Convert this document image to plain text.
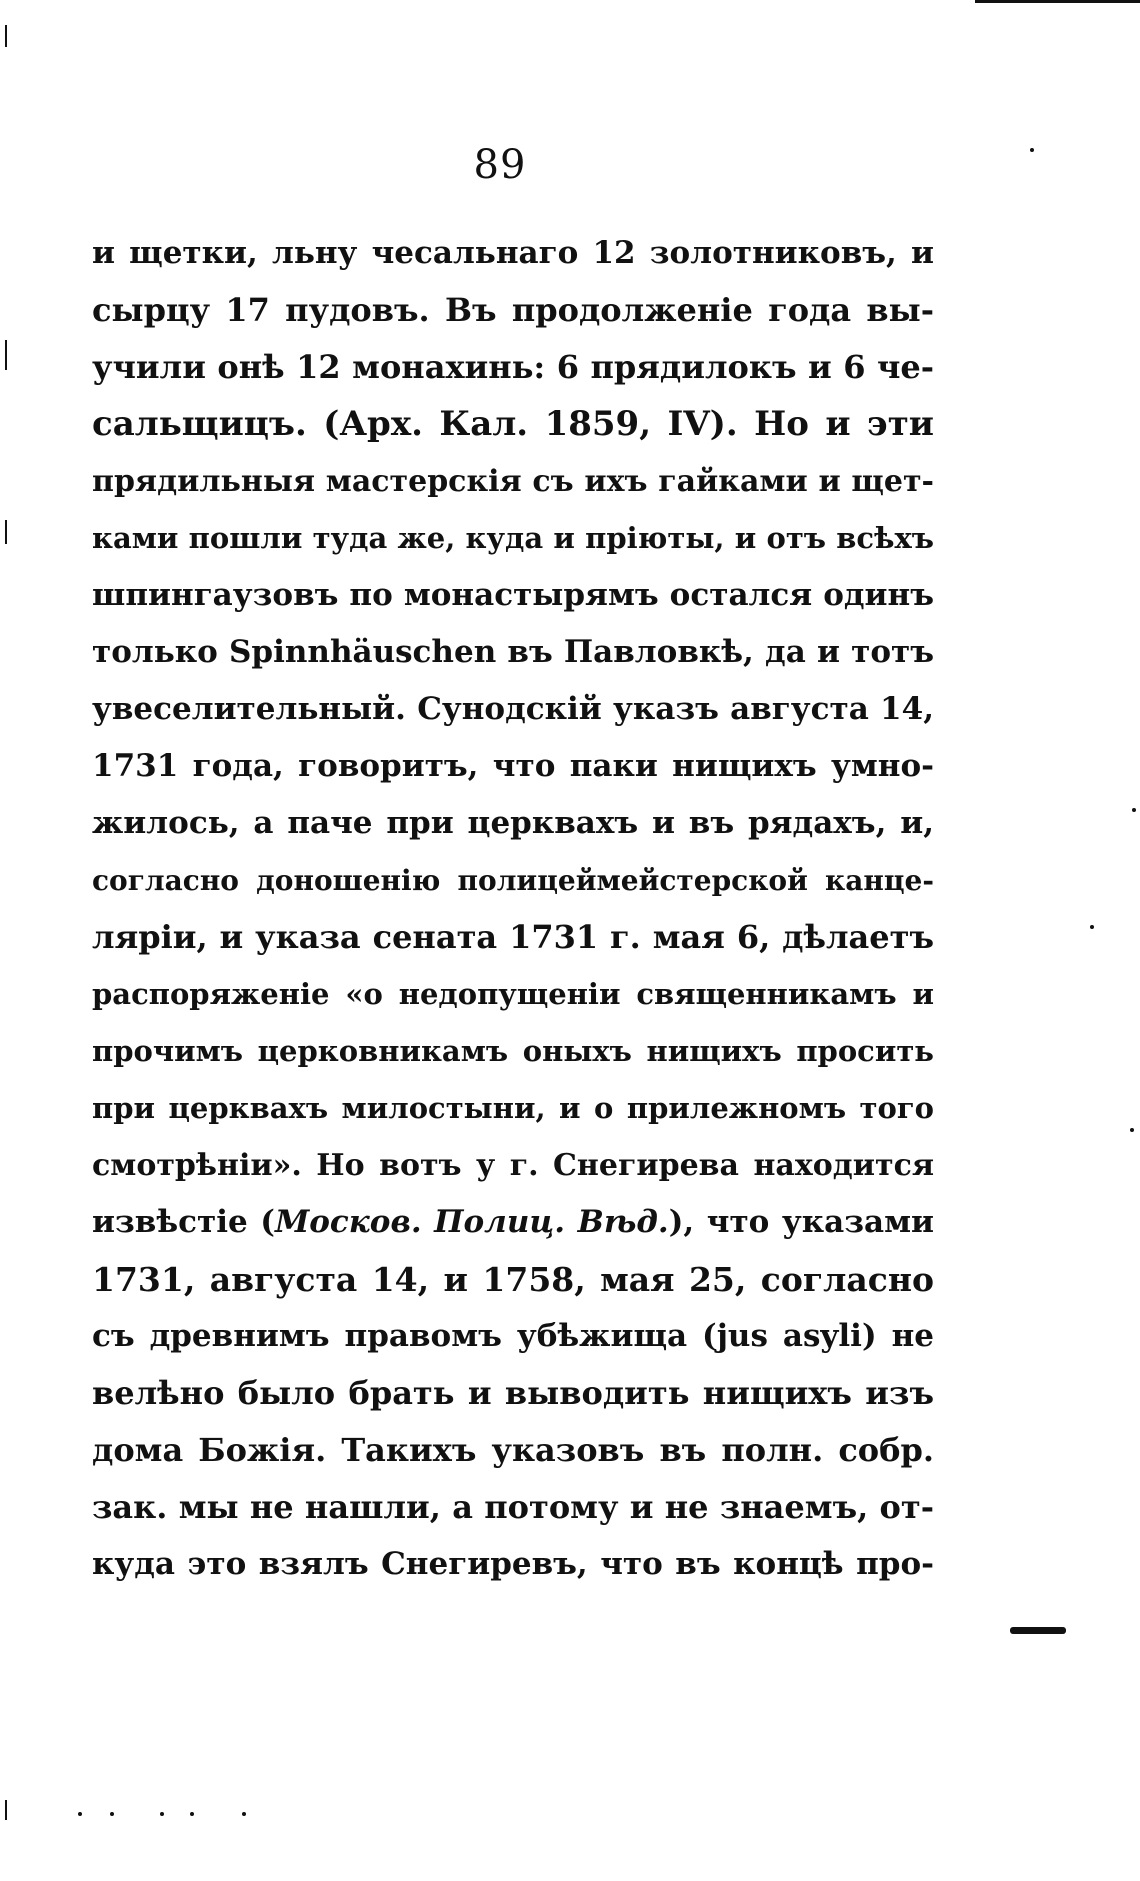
89
и щетки, льну чесальнаго 12 золотниковъ, и
сырцу 17 пудовъ. Въ продолженіе года вы-
учили онѣ 12 монахинь: 6 прядилокъ и 6 че-
сальщицъ. (Арх. Кал. 1859, IV). Но и эти
прядильныя мастерскія съ ихъ гайками и щет-
ками пошли туда же, куда и пріюты, и отъ всѣхъ
шпингаузовъ по монастырямъ остался одинъ
только Spinnhäuschen въ Павловкѣ, да и тотъ
увеселительный. Сунодскій указъ августа 14,
1731 года, говоритъ, что паки нищихъ умно-
жилось, а паче при церквахъ и въ рядахъ, и,
согласно доношенію полицеймейстерской канце-
ляріи, и указа сената 1731 г. мая 6, дѣлаетъ
распоряженіе «о недопущеніи священникамъ и
прочимъ церковникамъ оныхъ нищихъ просить
при церквахъ милостыни, и о прилежномъ того
смотрѣніи». Но вотъ у г. Снегирева находится
извѣстіе (Москов. Полиц. Вѣд.), что указами
1731, августа 14, и 1758, мая 25, согласно
съ древнимъ правомъ убѣжища (jus asyli) не
велѣно было брать и выводить нищихъ изъ
дома Божія. Такихъ указовъ въ полн. собр.
зак. мы не нашли, а потому и не знаемъ, от-
куда это взялъ Снегиревъ, что въ концѣ про-
